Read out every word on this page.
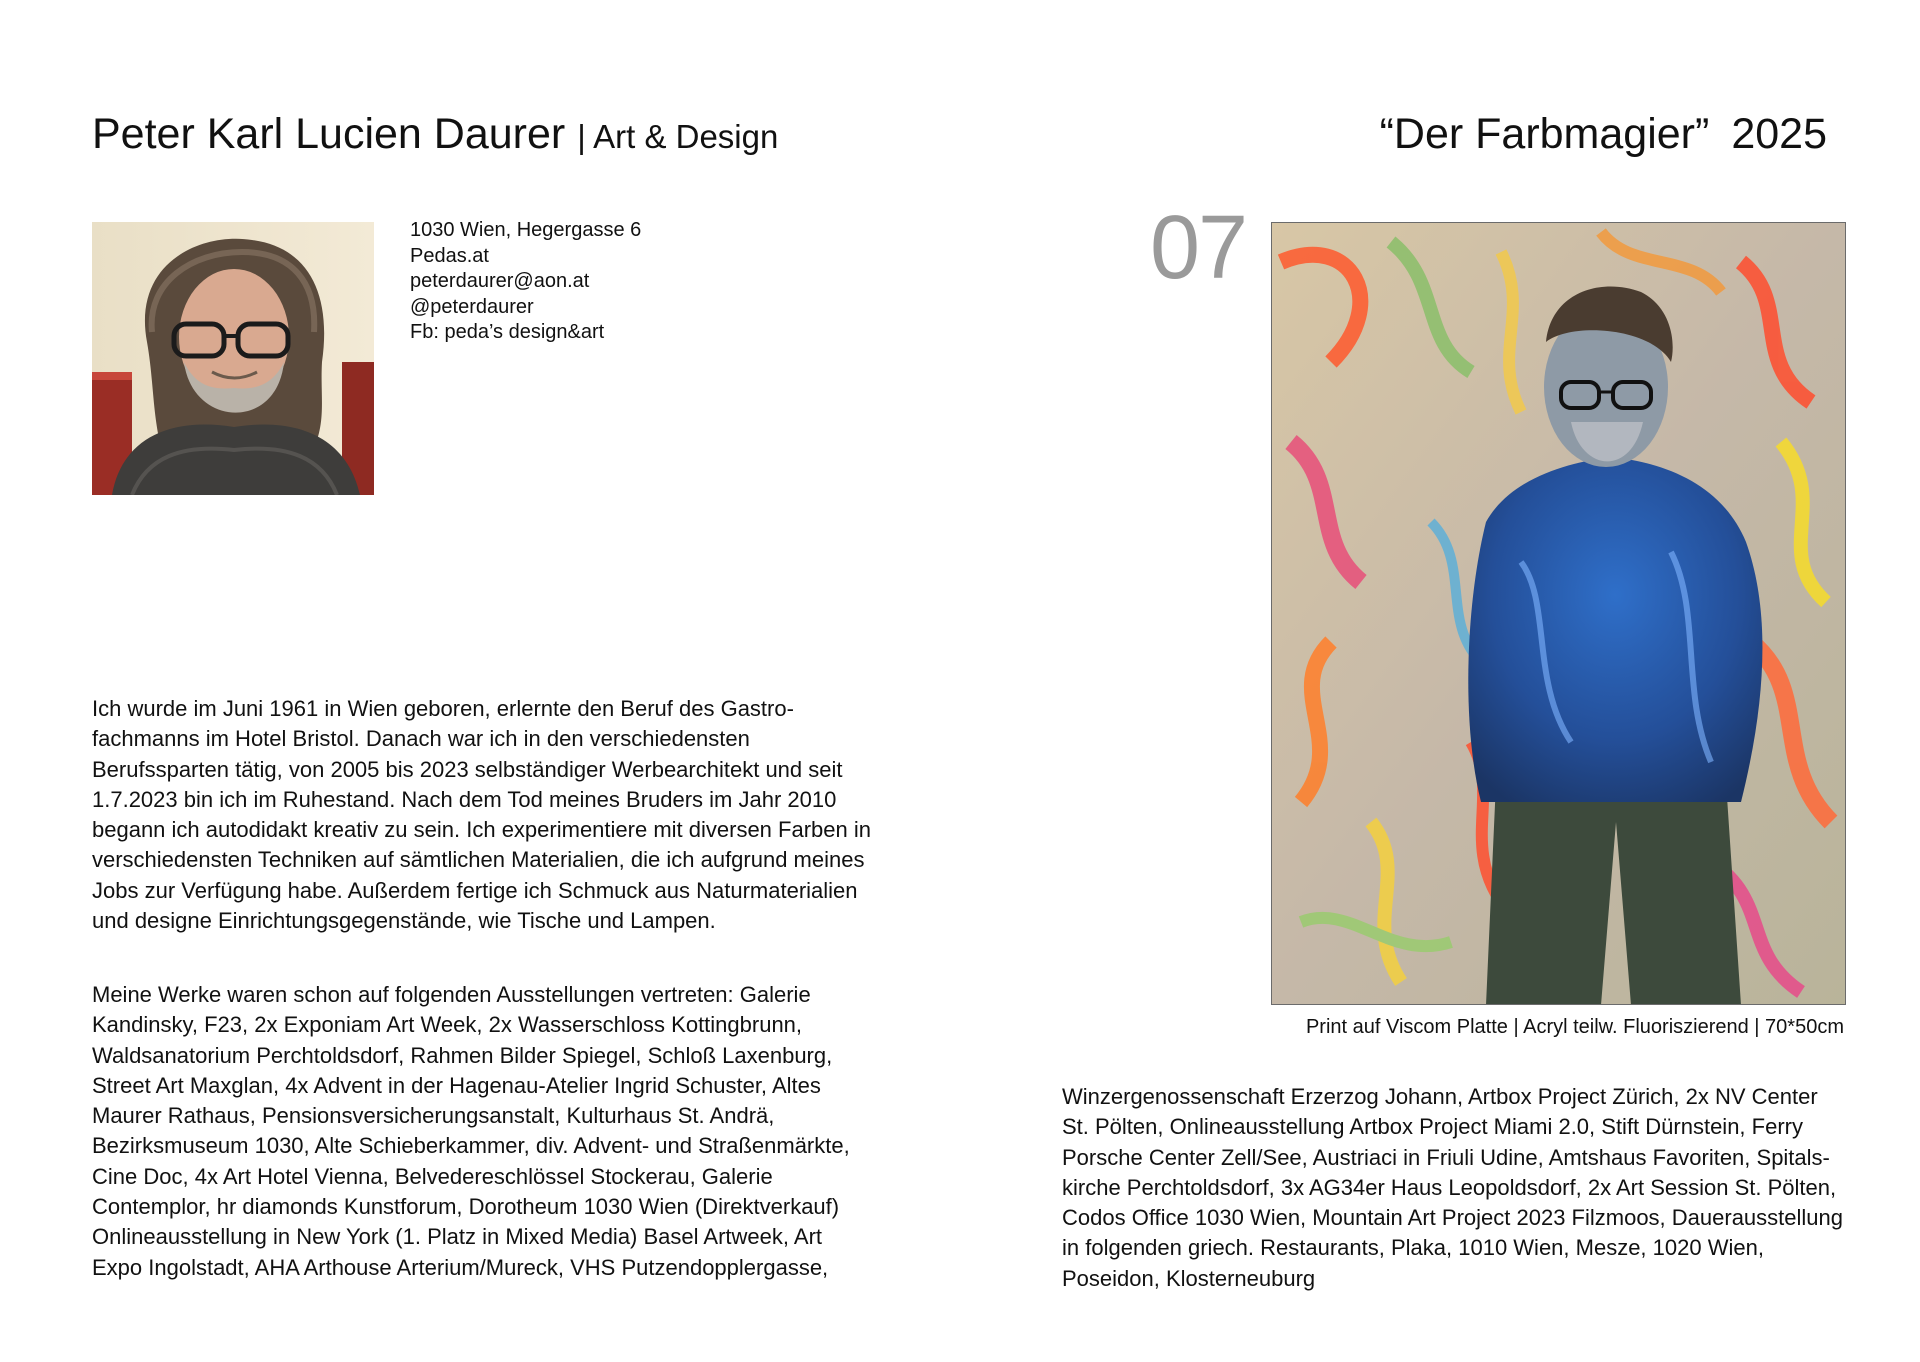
Peter Karl Lucien Daurer | Art & Design	“Der Farbmagier” 2025
1030 Wien, Hegergasse 6
Pedas.at
peterdaurer@aon.at
@peterdaurer
Fb: peda’s design&art

Ich wurde im Juni 1961 in Wien geboren, erlernte den Beruf des Gastrofachmanns im Hotel Bristol. Danach war ich in den verschiedensten Berufssparten tätig, von 2005 bis 2023 selbständiger Werbearchitekt und seit 1.7.2023 bin ich im Ruhestand. Nach dem Tod meines Bruders im Jahr 2010 begann ich autodidakt kreativ zu sein. Ich experimentiere mit diversen Farben in verschiedensten Techniken auf sämtlichen Materialien, die ich aufgrund meines Jobs zur Verfügung habe. Außerdem fertige ich Schmuck aus Naturmaterialien und designe Einrichtungsgegenstände, wie Tische und Lampen.

Meine Werke waren schon auf folgenden Ausstellungen vertreten: Galerie Kandinsky, F23, 2x Exponiam Art Week, 2x Wasserschloss Kottingbrunn, Waldsanatorium Perchtoldsdorf, Rahmen Bilder Spiegel, Schloß Laxenburg, Street Art Maxglan, 4x Advent in der Hagenau-Atelier Ingrid Schuster, Altes Maurer Rathaus, Pensionsversicherungsanstalt, Kulturhaus St. Andrä, Bezirksmuseum 1030, Alte Schieberkammer, div. Advent- und Straßenmärkte, Cine Doc, 4x Art Hotel Vienna, Belvedereschlössel Stockerau, Galerie Contemplor, hr diamonds Kunstforum, Dorotheum 1030 Wien (Direktverkauf) Onlineausstellung in New York (1. Platz in Mixed Media) Basel Artweek, Art Expo Ingolstadt, AHA Arthouse Arterium/Mureck, VHS Putzendopplergasse,

07
Print auf Viscom Platte | Acryl teilw. Fluoriszierend | 70*50cm

Winzergenossenschaft Erzerzog Johann, Artbox Project Zürich, 2x NV Center St. Pölten, Onlineausstellung Artbox Project Miami 2.0, Stift Dürnstein, Ferry Porsche Center Zell/See, Austriaci in Friuli Udine, Amtshaus Favoriten, Spitalskirche Perchtoldsdorf, 3x AG34er Haus Leopoldsdorf, 2x Art Session St. Pölten, Codos Office 1030 Wien, Mountain Art Project 2023 Filzmoos, Dauerausstellung in folgenden griech. Restaurants, Plaka, 1010 Wien, Mesze, 1020 Wien, Poseidon, Klosterneuburg
